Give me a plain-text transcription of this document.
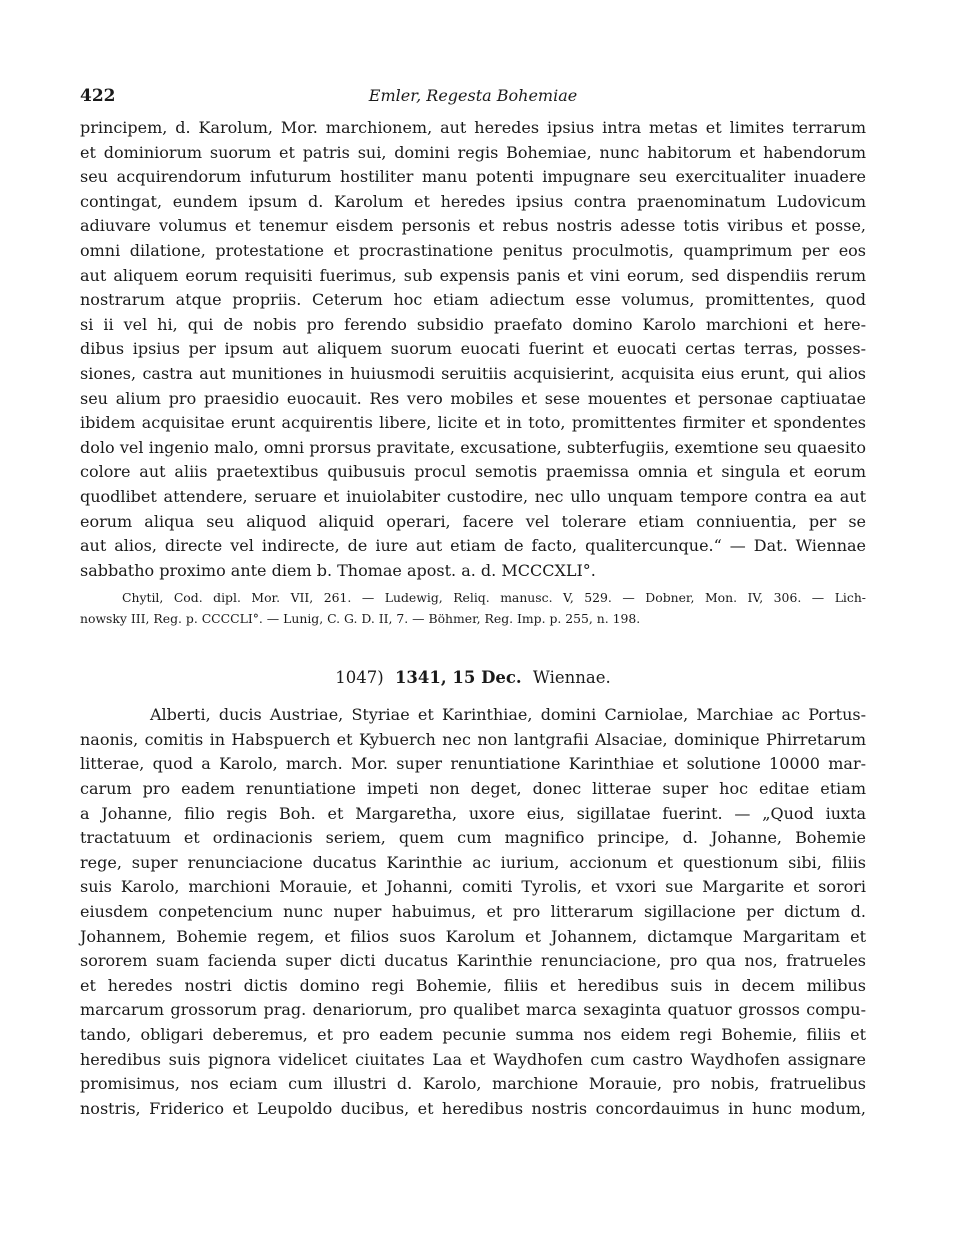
422	Emler, Regesta Bohemiae
principem, d. Karolum, Mor. marchionem, aut heredes ipsius intra metas et limites terrarum
et dominiorum suorum et patris sui, domini regis Bohemiae, nunc habitorum et habendorum
seu acquirendorum infuturum hostiliter manu potenti impugnare seu exercitualiter inuadere
contingat, eundem ipsum d. Karolum et heredes ipsius contra praenominatum Ludovicum
adiuvare volumus et tenemur eisdem personis et rebus nostris adesse totis viribus et posse,
omni dilatione, protestatione et procrastinatione penitus proculmotis, quamprimum per eos
aut aliquem eorum requisiti fuerimus, sub expensis panis et vini eorum, sed dispendiis rerum
nostrarum atque propriis. Ceterum hoc etiam adiectum esse volumus, promittentes, quod
si ii vel hi, qui de nobis pro ferendo subsidio praefato domino Karolo marchioni et here-
dibus ipsius per ipsum aut aliquem suorum euocati fuerint et euocati certas terras, posses-
siones, castra aut munitiones in huiusmodi seruitiis acquisierint, acquisita eius erunt, qui alios
seu alium pro praesidio euocauit. Res vero mobiles et sese mouentes et personae captiuatae
ibidem acquisitae erunt acquirentis libere, licite et in toto, promittentes firmiter et spondentes
dolo vel ingenio malo, omni prorsus pravitate, excusatione, subterfugiis, exemtione seu quaesito
colore aut aliis praetextibus quibusuis procul semotis praemissa omnia et singula et eorum
quodlibet attendere, seruare et inuiolabiter custodire, nec ullo unquam tempore contra ea aut
eorum aliqua seu aliquod aliquid operari, facere vel tolerare etiam conniuentia, per se
aut alios, directe vel indirecte, de iure aut etiam de facto, qualitercunque.“ — Dat. Wiennae
sabbatho proximo ante diem b. Thomae apost. a. d. MCCCXLI°.
Chytil, Cod. dipl. Mor. VII, 261. — Ludewig, Reliq. manusc. V, 529. — Dobner, Mon. IV, 306. — Lich-
nowsky III, Reg. p. CCCCLI°. — Lunig, C. G. D. II, 7. — Böhmer, Reg. Imp. p. 255, n. 198.
1047) 1341, 15 Dec. Wiennae.
Alberti, ducis Austriae, Styriae et Karinthiae, domini Carniolae, Marchiae ac Portus-
naonis, comitis in Habspuerch et Kybuerch nec non lantgrafii Alsaciae, dominique Phirretarum
litterae, quod a Karolo, march. Mor. super renuntiatione Karinthiae et solutione 10000 mar-
carum pro eadem renuntiatione impeti non deget, donec litterae super hoc editae etiam
a Johanne, filio regis Boh. et Margaretha, uxore eius, sigillatae fuerint. — „Quod iuxta
tractatuum et ordinacionis seriem, quem cum magnifico principe, d. Johanne, Bohemie
rege, super renunciacione ducatus Karinthie ac iurium, accionum et questionum sibi, filiis
suis Karolo, marchioni Morauie, et Johanni, comiti Tyrolis, et vxori sue Margarite et sorori
eiusdem conpetencium nunc nuper habuimus, et pro litterarum sigillacione per dictum d.
Johannem, Bohemie regem, et filios suos Karolum et Johannem, dictamque Margaritam et
sororem suam facienda super dicti ducatus Karinthie renunciacione, pro qua nos, fratrueles
et heredes nostri dictis domino regi Bohemie, filiis et heredibus suis in decem milibus
marcarum grossorum prag. denariorum, pro qualibet marca sexaginta quatuor grossos compu-
tando, obligari deberemus, et pro eadem pecunie summa nos eidem regi Bohemie, filiis et
heredibus suis pignora videlicet ciuitates Laa et Waydhofen cum castro Waydhofen assignare
promisimus, nos eciam cum illustri d. Karolo, marchione Morauie, pro nobis, fratruelibus
nostris, Friderico et Leupoldo ducibus, et heredibus nostris concordauimus in hunc modum,
